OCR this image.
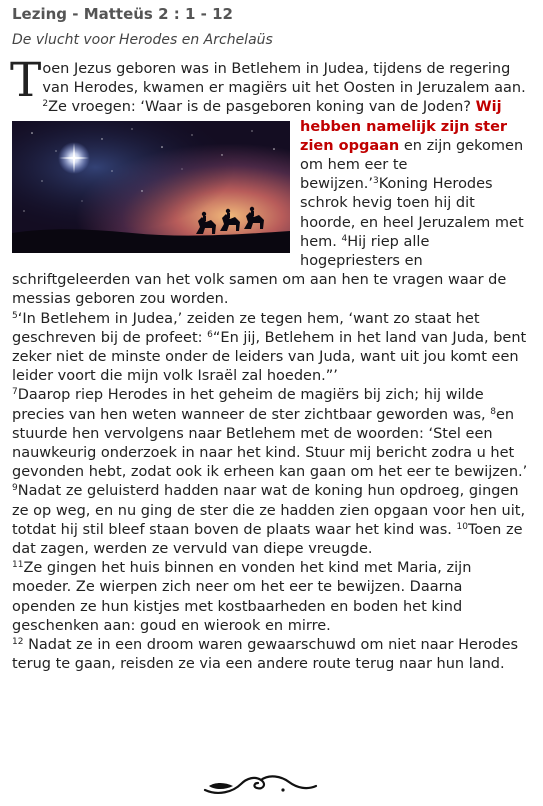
Lezing - Matteüs 2 : 1 - 12
De vlucht voor Herodes en Archelaüs
Toen Jezus geboren was in Betlehem in Judea, tijdens de regering van Herodes, kwamen er magiërs uit het Oosten in Jeruzalem aan. $^2$Ze vroegen: ‘Waar is de pasgeboren koning van de Joden? Wij hebben namelijk zijn ster zien opgaan en zijn gekomen om hem eer te bewijzen.’$^3$Koning Herodes schrok hevig toen hij dit hoorde, en heel Jeruzalem met hem. $^4$Hij riep alle hogepriesters en schriftgeleerden van het volk samen om aan hen te vragen waar de messias geboren zou worden.
$^5$‘In Betlehem in Judea,’ zeiden ze tegen hem, ‘want zo staat het geschreven bij de profeet: $^6$“En jij, Betlehem in het land van Juda, bent zeker niet de minste onder de leiders van Juda, want uit jou komt een leider voort die mijn volk Israël zal hoeden.”’
$^7$Daarop riep Herodes in het geheim de magiërs bij zich; hij wilde precies van hen weten wanneer de ster zichtbaar geworden was, $^8$en stuurde hen vervolgens naar Betlehem met de woorden: ‘Stel een nauwkeurig onderzoek in naar het kind. Stuur mij bericht zodra u het gevonden hebt, zodat ook ik erheen kan gaan om het eer te bewijzen.’
$^9$Nadat ze geluisterd hadden naar wat de koning hun opdroeg, gingen ze op weg, en nu ging de ster die ze hadden zien opgaan voor hen uit, totdat hij stil bleef staan boven de plaats waar het kind was. $^{10}$Toen ze dat zagen, werden ze vervuld van diepe vreugde.
$^{11}$Ze gingen het huis binnen en vonden het kind met Maria, zijn moeder. Ze wierpen zich neer om het eer te bewijzen. Daarna openden ze hun kistjes met kostbaarheden en boden het kind geschenken aan: goud en wierook en mirre.
$^{12}$ Nadat ze in een droom waren gewaarschuwd om niet naar Herodes terug te gaan, reisden ze via een andere route terug naar hun land.
